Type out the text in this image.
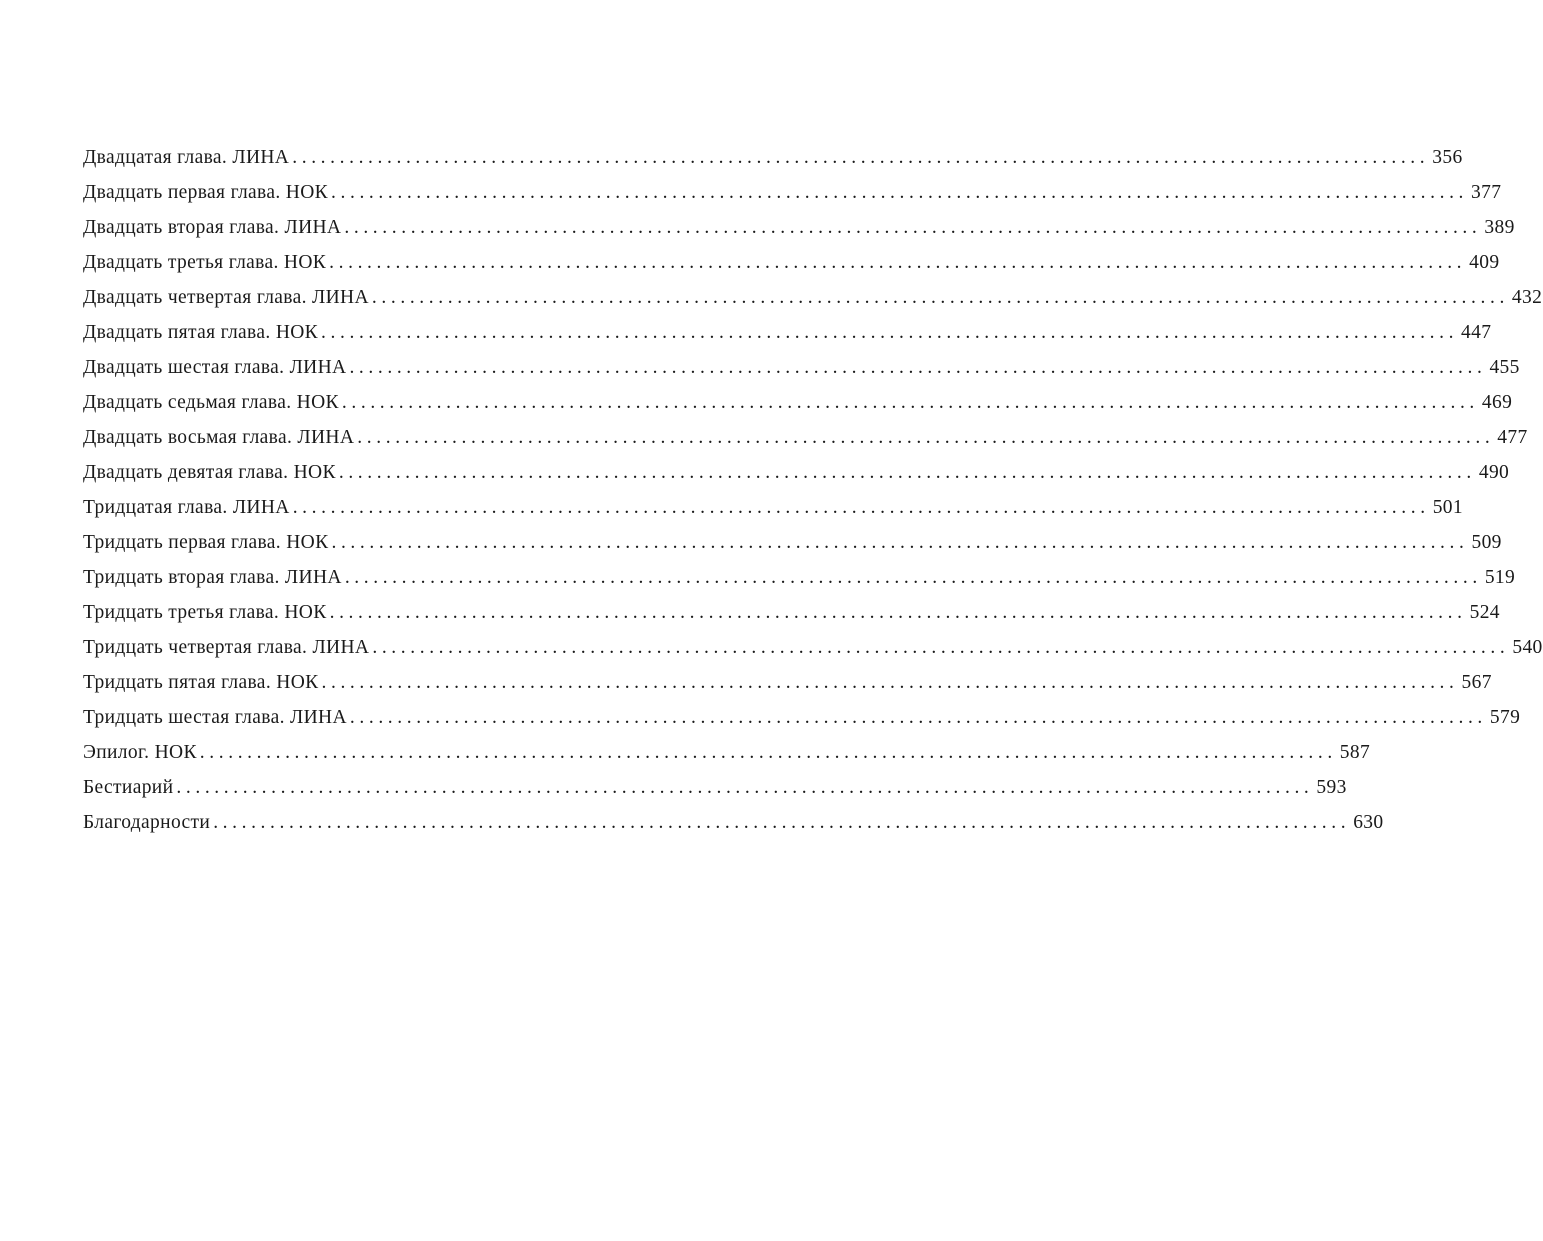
Двадцатая глава. ЛИНА ........................................................................................................................ 356
Двадцать первая глава. НОК ........................................................................................................................ 377
Двадцать вторая глава. ЛИНА ........................................................................................................................ 389
Двадцать третья глава. НОК ........................................................................................................................ 409
Двадцать четвертая глава. ЛИНА ........................................................................................................................ 432
Двадцать пятая глава. НОК ........................................................................................................................ 447
Двадцать шестая глава. ЛИНА ........................................................................................................................ 455
Двадцать седьмая глава. НОК ........................................................................................................................ 469
Двадцать восьмая глава. ЛИНА ........................................................................................................................ 477
Двадцать девятая глава. НОК ........................................................................................................................ 490
Тридцатая глава. ЛИНА ........................................................................................................................ 501
Тридцать первая глава. НОК ........................................................................................................................ 509
Тридцать вторая глава. ЛИНА ........................................................................................................................ 519
Тридцать третья глава. НОК ........................................................................................................................ 524
Тридцать четвертая глава. ЛИНА ........................................................................................................................ 540
Тридцать пятая глава. НОК ........................................................................................................................ 567
Тридцать шестая глава. ЛИНА ........................................................................................................................ 579
Эпилог. НОК ........................................................................................................................ 587
Бестиарий ........................................................................................................................ 593
Благодарности ........................................................................................................................ 630
